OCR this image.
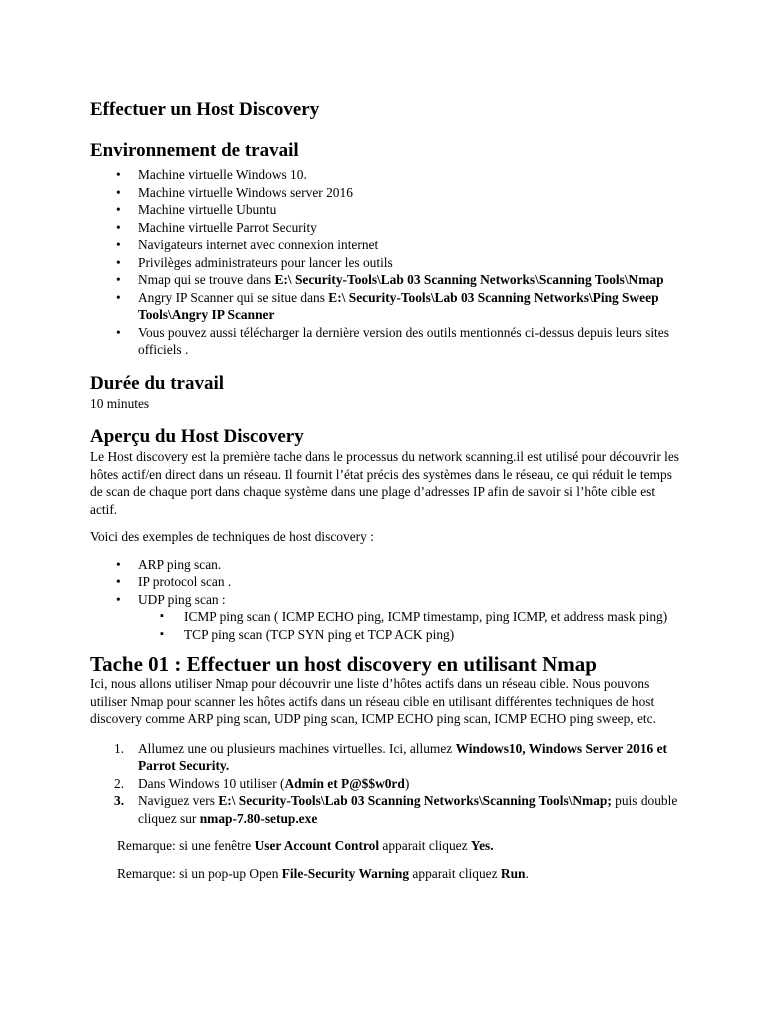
Effectuer un Host Discovery
Environnement de travail
• Machine virtuelle Windows 10.
• Machine virtuelle Windows server 2016
• Machine virtuelle Ubuntu
• Machine virtuelle Parrot Security
• Navigateurs internet avec connexion internet
• Privilèges administrateurs pour lancer les outils
• Nmap qui se trouve dans E:\ Security-Tools\Lab 03 Scanning Networks\Scanning Tools\Nmap
• Angry IP Scanner qui se situe dans E:\ Security-Tools\Lab 03 Scanning Networks\Ping Sweep Tools\Angry IP Scanner
• Vous pouvez aussi télécharger la dernière version des outils mentionnés ci-dessus depuis leurs sites officiels .
Durée du travail

10 minutes

Aperçu du Host Discovery

Le Host discovery est la première tache dans le processus du network scanning.il est utilisé pour découvrir les hôtes actif/en direct dans un réseau. Il fournit l’état précis des systèmes dans le réseau, ce qui réduit le temps de scan de chaque port dans chaque système dans une plage d’adresses IP afin de savoir si l’hôte cible est actif.

Voici des exemples de techniques de host discovery :

• ARP ping scan.
• IP protocol scan .
• UDP ping scan :
▪ ICMP ping scan ( ICMP ECHO ping, ICMP timestamp, ping ICMP, et address mask ping)
▪ TCP ping scan (TCP SYN ping et TCP ACK ping)
Tache 01 : Effectuer un host discovery en utilisant Nmap

Ici, nous allons utiliser Nmap pour découvrir une liste d’hôtes actifs dans un réseau cible. Nous pouvons utiliser Nmap pour scanner les hôtes actifs dans un réseau cible en utilisant différentes techniques de host discovery comme ARP ping scan, UDP ping scan, ICMP ECHO ping scan, ICMP ECHO ping sweep, etc.

1. Allumez une ou plusieurs machines virtuelles. Ici, allumez Windows10, Windows Server 2016 et Parrot Security.
2. Dans Windows 10 utiliser (Admin et P@$$w0rd)
3. Naviguez vers E:\ Security-Tools\Lab 03 Scanning Networks\Scanning Tools\Nmap; puis double cliquez sur nmap-7.80-setup.exe

Remarque: si une fenêtre User Account Control apparait cliquez Yes.

Remarque: si un pop-up Open File-Security Warning apparait cliquez Run.
